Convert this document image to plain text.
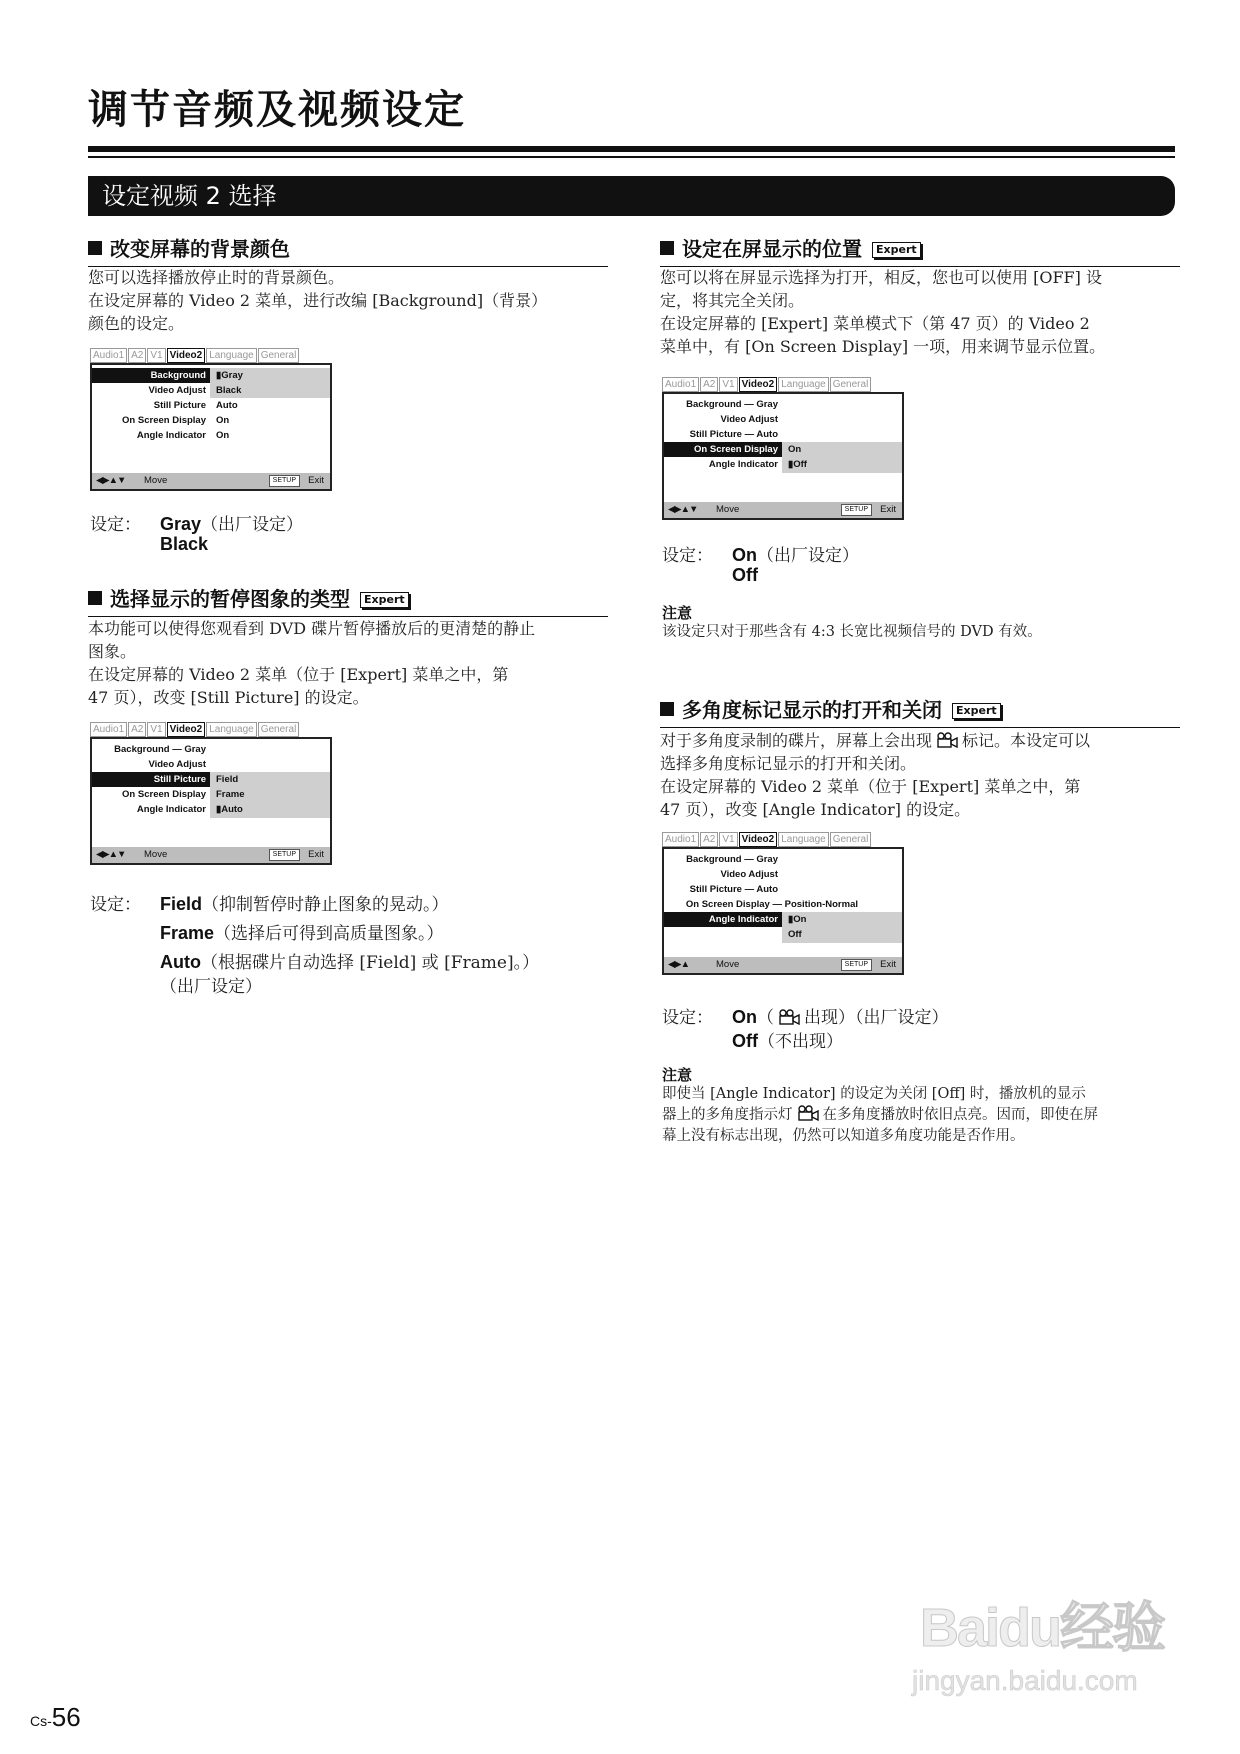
调节音频及视频设定
设定视频 2 选择
改变屏幕的背景颜色
您可以选择播放停止时的背景颜色。
在设定屏幕的 Video 2 菜单，进行改编 [Background]（背景）
颜色的设定。
Audio1 A2 V1 Video2 Language General
Background	▮Gray
Video Adjust	Black
Still Picture	Auto
On Screen Display	On
Angle Indicator	On
◀▶▲▼ Move	SETUP	Exit
设定： Gray（出厂设定）
Black
选择显示的暂停图象的类型 Expert
本功能可以使得您观看到 DVD 碟片暂停播放后的更清楚的静止
图象。
在设定屏幕的 Video 2 菜单（位于 [Expert] 菜单之中，第
47 页），改变 [Still Picture] 的设定。
Audio1 A2 V1 Video2 Language General
Background — Gray
Video Adjust
Still Picture	Field
On Screen Display	Frame
Angle Indicator	▮Auto
◀▶▲▼ Move	SETUP	Exit
设定： Field（抑制暂停时静止图象的晃动。）
Frame（选择后可得到高质量图象。）
Auto（根据碟片自动选择 [Field] 或 [Frame]。）
（出厂设定）
设定在屏显示的位置 Expert
您可以将在屏显示选择为打开，相反，您也可以使用 [OFF] 设
定，将其完全关闭。
在设定屏幕的 [Expert] 菜单模式下（第 47 页）的 Video 2
菜单中，有 [On Screen Display] 一项，用来调节显示位置。
Audio1 A2 V1 Video2 Language General
Background — Gray
Video Adjust
Still Picture — Auto
On Screen Display	On
Angle Indicator	▮Off
◀▶▲▼ Move	SETUP	Exit
设定： On（出厂设定）
Off
注意
该设定只对于那些含有 4:3 长宽比视频信号的 DVD 有效。
多角度标记显示的打开和关闭 Expert
对于多角度录制的碟片，屏幕上会出现 标记。本设定可以
选择多角度标记显示的打开和关闭。
在设定屏幕的 Video 2 菜单（位于 [Expert] 菜单之中，第
47 页），改变 [Angle Indicator] 的设定。
Audio1 A2 V1 Video2 Language General
Background — Gray
Video Adjust
Still Picture — Auto
On Screen Display — Position-Normal
Angle Indicator	▮On
Off
◀▶▲	Move	SETUP	Exit
设定： On（ 出现）（出厂设定）
Off（不出现）
注意
即使当 [Angle Indicator] 的设定为关闭 [Off] 时，播放机的显示
器上的多角度指示灯 在多角度播放时依旧点亮。因而，即使在屏
幕上没有标志出现，仍然可以知道多角度功能是否作用。
Cs-56
Baidu经验
jingyan.baidu.com
